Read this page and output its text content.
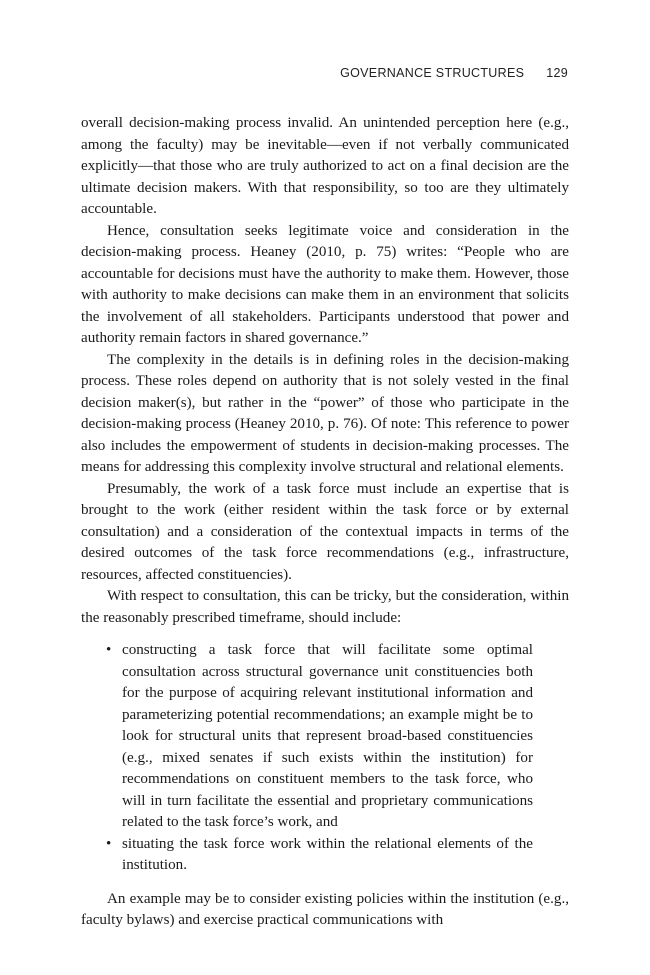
GOVERNANCE STRUCTURES 129

overall decision-making process invalid. An unintended perception here (e.g., among the faculty) may be inevitable—even if not verbally communicated explicitly—that those who are truly authorized to act on a final decision are the ultimate decision makers. With that responsibility, so too are they ultimately accountable.

Hence, consultation seeks legitimate voice and consideration in the decision-making process. Heaney (2010, p. 75) writes: “People who are accountable for decisions must have the authority to make them. However, those with authority to make decisions can make them in an environment that solicits the involvement of all stakeholders. Participants understood that power and authority remain factors in shared governance.”

The complexity in the details is in defining roles in the decision-making process. These roles depend on authority that is not solely vested in the final decision maker(s), but rather in the “power” of those who participate in the decision-making process (Heaney 2010, p. 76). Of note: This reference to power also includes the empowerment of students in decision-making processes. The means for addressing this complexity involve structural and relational elements.

Presumably, the work of a task force must include an expertise that is brought to the work (either resident within the task force or by external consultation) and a consideration of the contextual impacts in terms of the desired outcomes of the task force recommendations (e.g., infrastructure, resources, affected constituencies).

With respect to consultation, this can be tricky, but the consideration, within the reasonably prescribed timeframe, should include:

• constructing a task force that will facilitate some optimal consultation across structural governance unit constituencies both for the purpose of acquiring relevant institutional information and parameterizing potential recommendations; an example might be to look for structural units that represent broad-based constituencies (e.g., mixed senates if such exists within the institution) for recommendations on constituent members to the task force, who will in turn facilitate the essential and proprietary communications related to the task force’s work, and
• situating the task force work within the relational elements of the institution.

An example may be to consider existing policies within the institution (e.g., faculty bylaws) and exercise practical communications with
